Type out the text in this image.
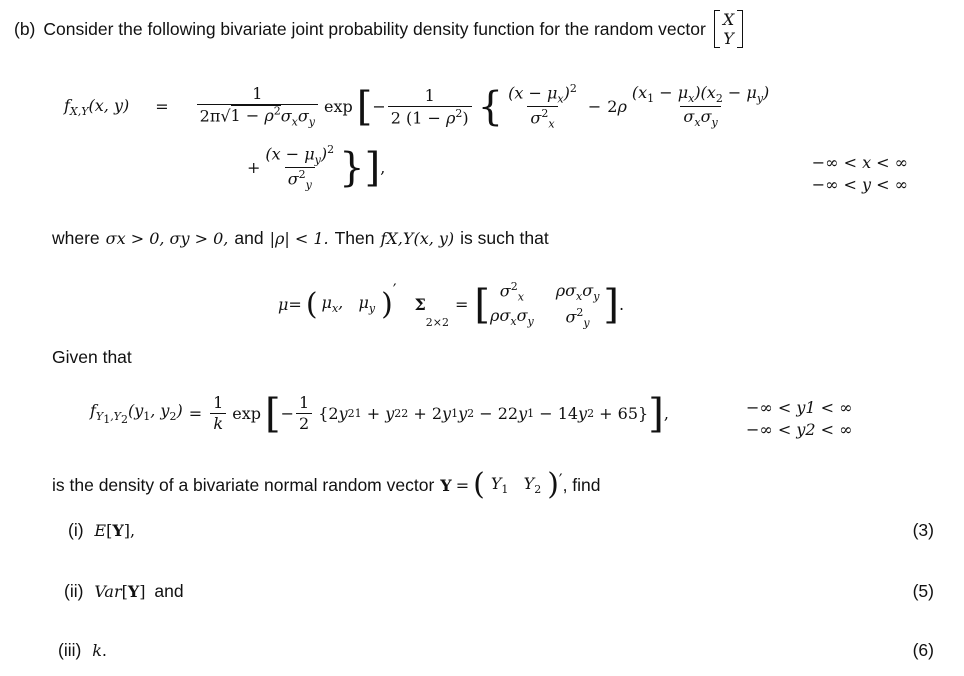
(b) Consider the following bivariate joint probability density function for the random vector X
Y
$f_{X,Y}(x$, $y) = \frac{1}{2\pi√1 - \rho^2\sigma_x\sigma_y}$ exp [ − $\frac{1}{2 (1 - \rho^2)}$ { $\frac{(x - \mu_x)^2}{\sigma^2_x} - 2$ ρ $\frac{(x_1 - \mu_x)(x_2 - \mu_y)}{\sigma_x\sigma_y}$
+ $\frac{(x - \mu_y)^2}{\sigma^2_y}$ } ] ,	−∞ < x < ∞
−∞ < y < ∞
where σx > 0, σy > 0, and |ρ| < 1. Then fX,Y(x, y) is such that
μ = ( $\mu_x$,   $\mu_y$ ) ′
Σ
2×2
= [ $\sigma^2_x$	$\rho\sigma_x\sigma_y$
$\rho\sigma_x\sigma_y$	$\sigma^2_y$ ] .
Given that
$f_{Y_1,Y_2}(y_1$, $y_2) = \frac{1}{k}$ exp [ − $\frac{1}{2} \{2$ y 2 1 + y 2 2 + 2 y 1 y 2 − 22 y 1 − 14 y 2 + 65} ] ,	−∞ < y1 < ∞
−∞ < y2 < ∞
is the density of a bivariate normal random vector Y = ( $Y_1$   $Y_2$ ) ′ , find
(i) E[Y],	(3)
(ii) Var[Y] and	(5)
(iii) k.	(6)
